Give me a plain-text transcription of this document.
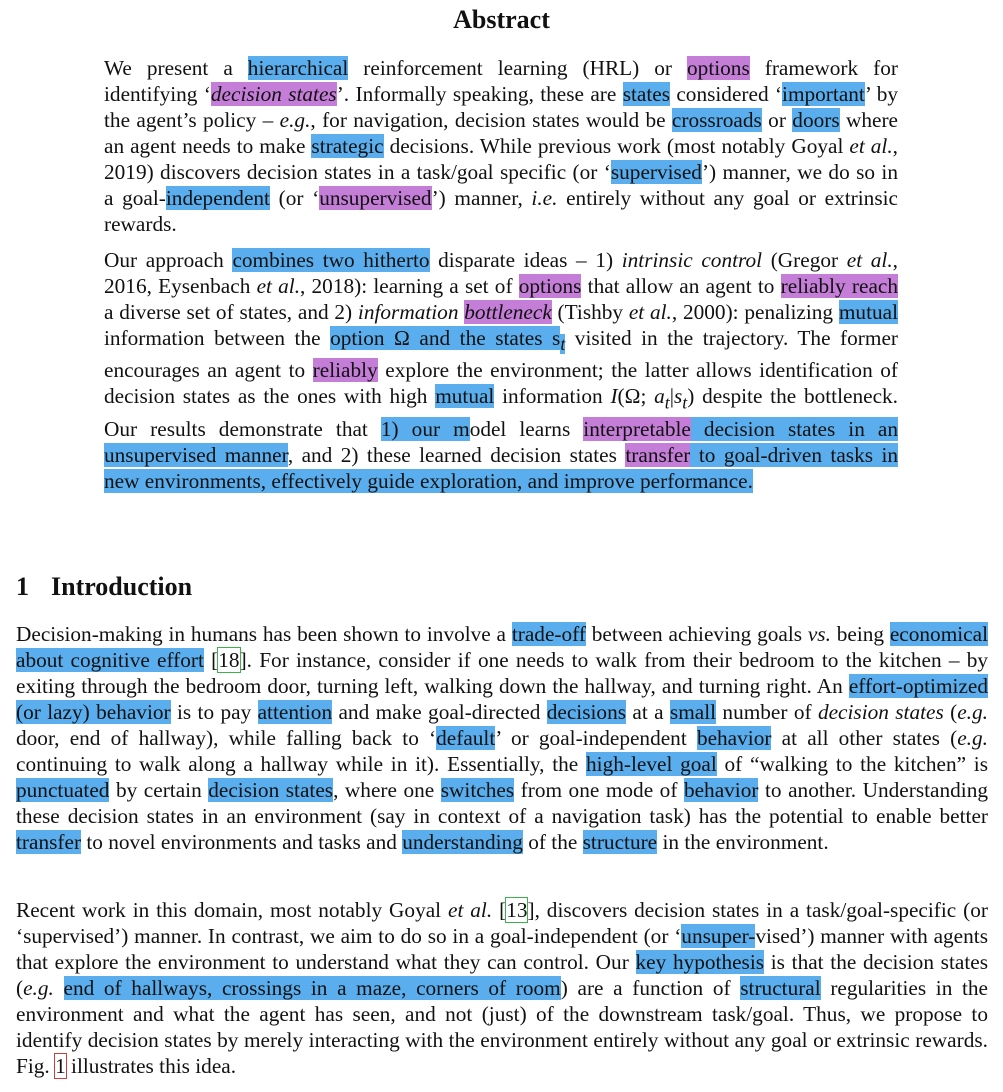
Abstract

We present a hierarchical reinforcement learning (HRL) or options framework for identifying ‘decision states’. Informally speaking, these are states considered ‘important’ by the agent’s policy – e.g., for navigation, decision states would be crossroads or doors where an agent needs to make strategic decisions. While previous work (most notably Goyal et al., 2019) discovers decision states in a task/goal specific (or ‘supervised’) manner, we do so in a goal-independent (or ‘unsupervised’) manner, i.e. entirely without any goal or extrinsic rewards.

Our approach combines two hitherto disparate ideas – 1) intrinsic control (Gregor et al., 2016, Eysenbach et al., 2018): learning a set of options that allow an agent to reliably reach a diverse set of states, and 2) information bottleneck (Tishby et al., 2000): penalizing mutual information between the option Ω and the states $s_t$ visited in the trajectory. The former encourages an agent to reliably explore the environment; the latter allows identification of decision states as the ones with high mutual information I(Ω; $a_t|s_t$) despite the bottleneck. Our results demonstrate that 1) our model learns interpretable decision states in an unsupervised manner, and 2) these learned decision states transfer to goal-driven tasks in new environments, effectively guide exploration, and improve performance.

1 Introduction

Decision-making in humans has been shown to involve a trade-off between achieving goals vs. being economical about cognitive effort [18]. For instance, consider if one needs to walk from their bedroom to the kitchen – by exiting through the bedroom door, turning left, walking down the hallway, and turning right. An effort-optimized (or lazy) behavior is to pay attention and make goal-directed decisions at a small number of decision states (e.g. door, end of hallway), while falling back to ‘default’ or goal-independent behavior at all other states (e.g. continuing to walk along a hallway while in it). Essentially, the high-level goal of “walking to the kitchen” is punctuated by certain decision states, where one switches from one mode of behavior to another. Understanding these decision states in an environment (say in context of a navigation task) has the potential to enable better transfer to novel environments and tasks and understanding of the structure in the environment.

Recent work in this domain, most notably Goyal et al. [13], discovers decision states in a task/goal-specific (or ‘supervised’) manner. In contrast, we aim to do so in a goal-independent (or ‘unsuper-vised’) manner with agents that explore the environment to understand what they can control. Our key hypothesis is that the decision states (e.g. end of hallways, crossings in a maze, corners of room) are a function of structural regularities in the environment and what the agent has seen, and not (just) of the downstream task/goal. Thus, we propose to identify decision states by merely interacting with the environment entirely without any goal or extrinsic rewards. Fig. 1 illustrates this idea.
